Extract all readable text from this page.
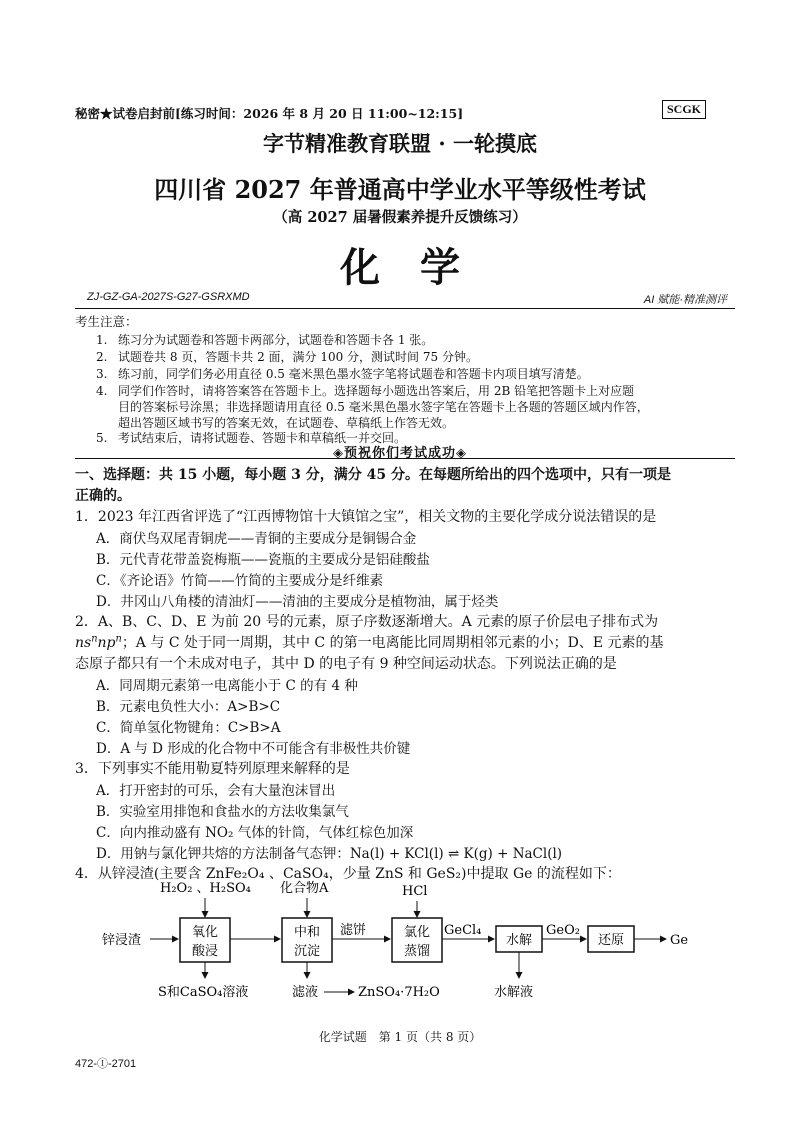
秘密★试卷启封前[练习时间：2026 年 8 月 20 日 11:00~12:15]	SCGK
字节精准教育联盟 · 一轮摸底
四川省 2027 年普通高中学业水平等级性考试
（高 2027 届暑假素养提升反馈练习）
化学
ZJ-GZ-GA-2027S-G27-GSRXMD	AI 赋能·精准测评
考生注意：
1. 练习分为试题卷和答题卡两部分，试题卷和答题卡各 1 张。
2. 试题卷共 8 页，答题卡共 2 面，满分 100 分，测试时间 75 分钟。
3. 练习前，同学们务必用直径 0.5 毫米黑色墨水签字笔将试题卷和答题卡内项目填写清楚。
4. 同学们作答时，请将答案答在答题卡上。选择题每小题选出答案后，用 2B 铅笔把答题卡上对应题
目的答案标号涂黑；非选择题请用直径 0.5 毫米黑色墨水签字笔在答题卡上各题的答题区域内作答，
超出答题区域书写的答案无效，在试题卷、草稿纸上作答无效。
5. 考试结束后，请将试题卷、答题卡和草稿纸一并交回。
◈预祝你们考试成功◈
一、选择题：共 15 小题，每小题 3 分，满分 45 分。在每题所给出的四个选项中，只有一项是
正确的。
1．2023 年江西省评选了“江西博物馆十大镇馆之宝”，相关文物的主要化学成分说法错误的是
A．商伏鸟双尾青铜虎——青铜的主要成分是铜锡合金
B．元代青花带盖瓷梅瓶——瓷瓶的主要成分是铝硅酸盐
C．《齐论语》竹简——竹简的主要成分是纤维素
D．井冈山八角楼的清油灯——清油的主要成分是植物油，属于烃类
2．A、B、C、D、E 为前 20 号的元素，原子序数逐渐增大。A 元素的原子价层电子排布式为
$ns^nnp^n$；A 与 C 处于同一周期，其中 C 的第一电离能比同周期相邻元素的小；D、E 元素的基
态原子都只有一个未成对电子，其中 D 的电子有 9 种空间运动状态。下列说法正确的是
A．同周期元素第一电离能小于 C 的有 4 种
B．元素电负性大小：A>B>C
C．简单氢化物键角：C>B>A
D．A 与 D 形成的化合物中不可能含有非极性共价键
3．下列事实不能用勒夏特列原理来解释的是
A．打开密封的可乐，会有大量泡沫冒出
B．实验室用排饱和食盐水的方法收集氯气
C．向内推动盛有 NO₂ 气体的针筒，气体红棕色加深
D．用钠与氯化钾共熔的方法制备气态钾：Na(l) + KCl(l) ⇌ K(g) + NaCl(l)
4．从锌浸渣(主要含 ZnFe₂O₄ 、CaSO₄，少量 ZnS 和 GeS₂)中提取 Ge 的流程如下：
H₂O₂ 、H₂SO₄ 化合物A	HCl
锌浸渣
氧化
酸浸
S和CaSO₄溶液
中和
沉淀
滤饼
滤液	ZnSO₄·7H₂O
氯化
蒸馏
GeCl₄
水解
GeO₂
水解液
还原	Ge
化学试题　第 1 页（共 8 页）
472-Ⓘ-2701
